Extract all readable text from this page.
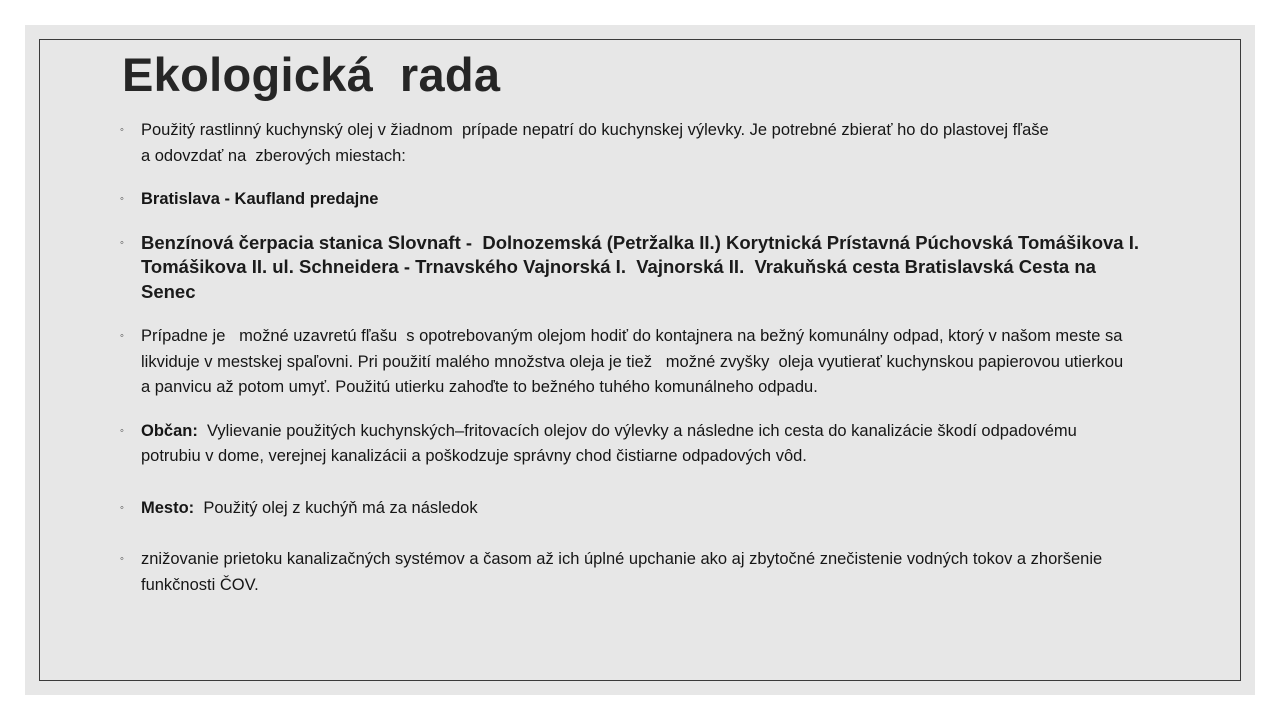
Ekologická  rada
◦ Použitý rastlinný kuchynský olej v žiadnom  prípade nepatrí do kuchynskej výlevky. Je potrebné zbierať ho do plastovej fľaše
a odovzdať na  zberových miestach:
◦ Bratislava - Kaufland predajne
◦ Benzínová čerpacia stanica Slovnaft -  Dolnozemská (Petržalka II.) Korytnická Prístavná Púchovská Tomášikova I.
Tomášikova II. ul. Schneidera - Trnavského Vajnorská I.  Vajnorská II.  Vrakuňská cesta Bratislavská Cesta na
Senec
◦ Prípadne je   možné uzavretú fľašu  s opotrebovaným olejom hodiť do kontajnera na bežný komunálny odpad, ktorý v našom meste sa
likviduje v mestskej spaľovni. Pri použití malého množstva oleja je tiež   možné zvyšky  oleja vyutierať kuchynskou papierovou utierkou
a panvicu až potom umyť. Použitú utierku zahoďte to bežného tuhého komunálneho odpadu.
◦ Občan:  Vylievanie použitých kuchynských–fritovacích olejov do výlevky a následne ich cesta do kanalizácie škodí odpadovému
potrubiu v dome, verejnej kanalizácii a poškodzuje správny chod čistiarne odpadových vôd.
◦ Mesto:  Použitý olej z kuchýň má za následok
◦ znižovanie prietoku kanalizačných systémov a časom až ich úplné upchanie ako aj zbytočné znečistenie vodných tokov a zhoršenie
funkčnosti ČOV.
